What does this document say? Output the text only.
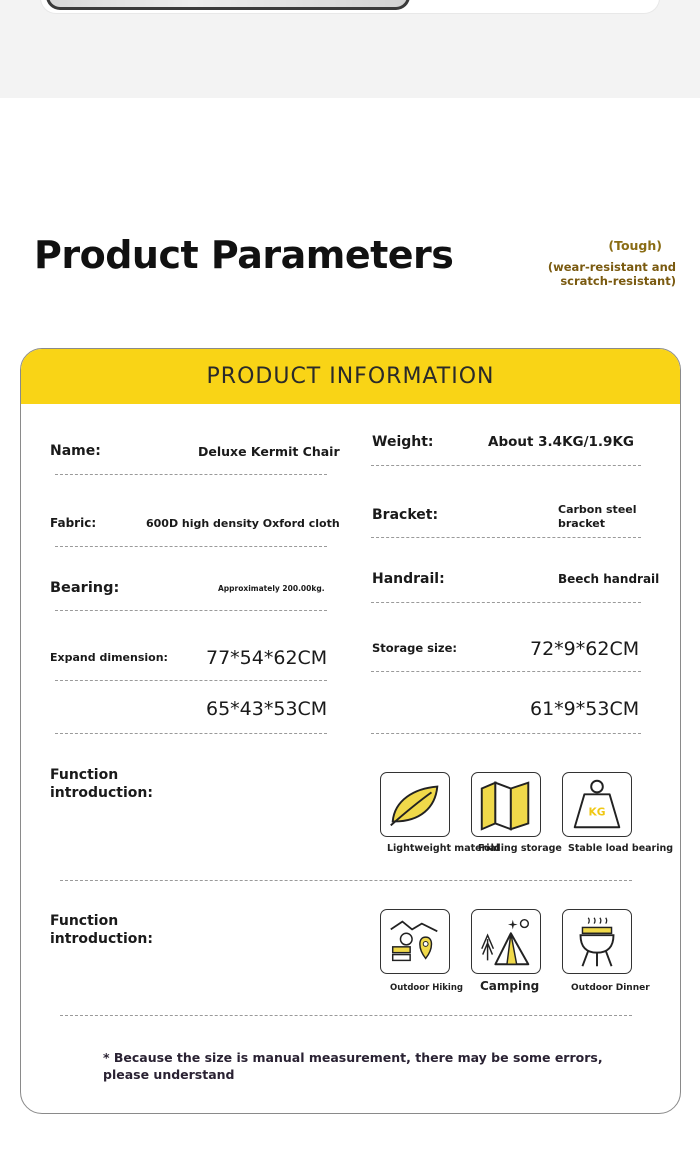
Product Parameters	(Tough)
(wear-resistant and scratch-resistant)
PRODUCT INFORMATION
Name:	Deluxe Kermit Chair
Fabric:	600D high density Oxford cloth
Bearing:	Approximately 200.00kg.
Expand dimension: 77*54*62CM
65*43*53CM
Weight:	About 3.4KG/1.9KG
Bracket:	Carbon steel bracket
Handrail:	Beech handrail
Storage size:	72*9*62CM
61*9*53CM
Function introduction:
Lightweight material
Folding storage
KG
Stable load bearing
Function introduction:
Outdoor Hiking Camping	Outdoor Dinner
* Because the size is manual measurement, there may be some errors, please understand
